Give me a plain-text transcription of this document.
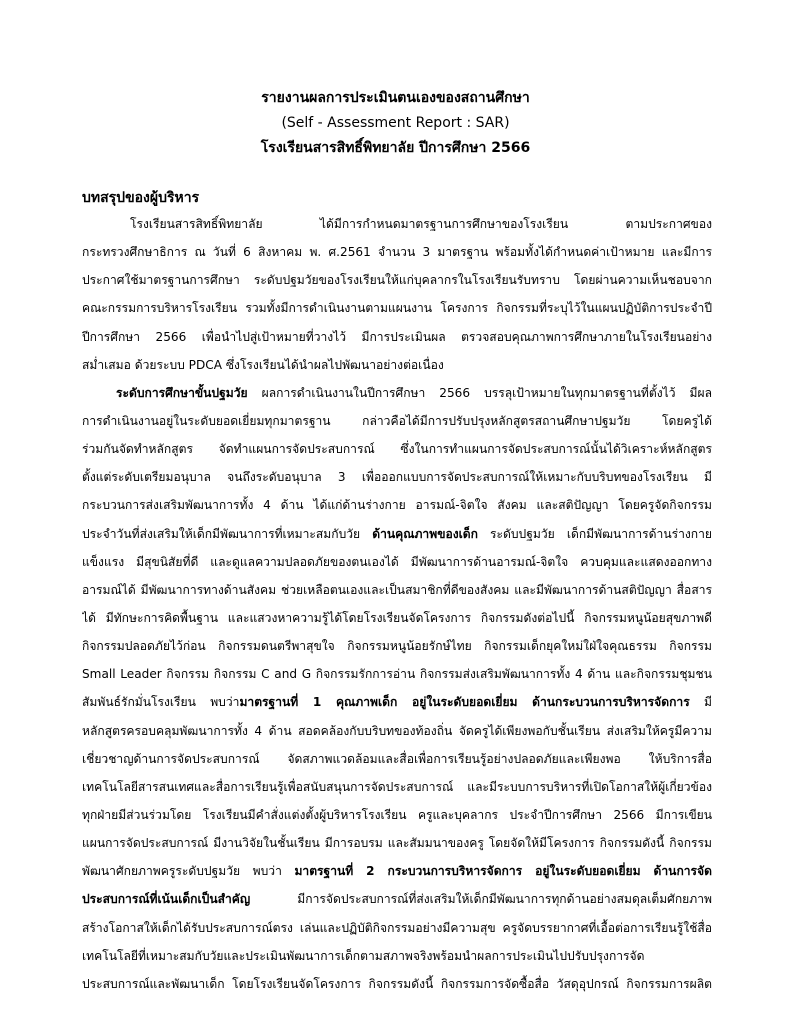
รายงานผลการประเมินตนเองของสถานศึกษา
(Self - Assessment Report : SAR)
โรงเรียนสารสิทธิ์พิทยาลัย ปีการศึกษา 2566
บทสรุปของผู้บริหาร
โรงเรียนสารสิทธิ์พิทยาลัย ได้มีการกำหนดมาตรฐานการศึกษาของโรงเรียน ตามประกาศของ
กระทรวงศึกษาธิการ ณ วันที่ 6 สิงหาคม พ. ศ.2561 จำนวน 3 มาตรฐาน พร้อมทั้งได้กำหนดค่าเป้าหมาย และมีการ
ประกาศใช้มาตรฐานการศึกษา ระดับปฐมวัยของโรงเรียนให้แก่บุคลากรในโรงเรียนรับทราบ โดยผ่านความเห็นชอบจาก
คณะกรรมการบริหารโรงเรียน รวมทั้งมีการดำเนินงานตามแผนงาน โครงการ กิจกรรมที่ระบุไว้ในแผนปฏิบัติการประจำปี
ปีการศึกษา 2566 เพื่อนำไปสู่เป้าหมายที่วางไว้ มีการประเมินผล ตรวจสอบคุณภาพการศึกษาภายในโรงเรียนอย่าง
สม่ำเสมอ ด้วยระบบ PDCA ซึ่งโรงเรียนได้นำผลไปพัฒนาอย่างต่อเนื่อง
ระดับการศึกษาขั้นปฐมวัย ผลการดำเนินงานในปีการศึกษา 2566 บรรลุเป้าหมายในทุกมาตรฐานที่ตั้งไว้ มีผล
การดำเนินงานอยู่ในระดับยอดเยี่ยมทุกมาตรฐาน กล่าวคือได้มีการปรับปรุงหลักสูตรสถานศึกษาปฐมวัย โดยครูได้
ร่วมกันจัดทำหลักสูตร จัดทำแผนการจัดประสบการณ์ ซึ่งในการทำแผนการจัดประสบการณ์นั้นได้วิเคราะห์หลักสูตร
ตั้งแต่ระดับเตรียมอนุบาล จนถึงระดับอนุบาล 3 เพื่อออกแบบการจัดประสบการณ์ให้เหมาะกับบริบทของโรงเรียน มี
กระบวนการส่งเสริมพัฒนาการทั้ง 4 ด้าน ได้แก่ด้านร่างกาย อารมณ์-จิตใจ สังคม และสติปัญญา โดยครูจัดกิจกรรม
ประจำวันที่ส่งเสริมให้เด็กมีพัฒนาการที่เหมาะสมกับวัย ด้านคุณภาพของเด็ก ระดับปฐมวัย เด็กมีพัฒนาการด้านร่างกาย
แข็งแรง มีสุขนิสัยที่ดี และดูแลความปลอดภัยของตนเองได้ มีพัฒนาการด้านอารมณ์-จิตใจ ควบคุมและแสดงออกทาง
อารมณ์ได้ มีพัฒนาการทางด้านสังคม ช่วยเหลือตนเองและเป็นสมาชิกที่ดีของสังคม และมีพัฒนาการด้านสติปัญญา สื่อสาร
ได้ มีทักษะการคิดพื้นฐาน และแสวงหาความรู้ได้โดยโรงเรียนจัดโครงการ กิจกรรมดังต่อไปนี้ กิจกรรมหนูน้อยสุขภาพดี
กิจกรรมปลอดภัยไว้ก่อน กิจกรรมดนตรีพาสุขใจ กิจกรรมหนูน้อยรักษ์ไทย กิจกรรมเด็กยุคใหม่ใฝ่ใจคุณธรรม กิจกรรม
Small Leader กิจกรรม กิจกรรม C and G กิจกรรมรักการอ่าน กิจกรรมส่งเสริมพัฒนาการทั้ง 4 ด้าน และกิจกรรมชุมชน
สัมพันธ์รักมั่นโรงเรียน พบว่ามาตรฐานที่ 1 คุณภาพเด็ก อยู่ในระดับยอดเยี่ยม ด้านกระบวนการบริหารจัดการ มี
หลักสูตรครอบคลุมพัฒนาการทั้ง 4 ด้าน สอดคล้องกับบริบทของท้องถิ่น จัดครูได้เพียงพอกับชั้นเรียน ส่งเสริมให้ครูมีความ
เชี่ยวชาญด้านการจัดประสบการณ์ จัดสภาพแวดล้อมและสื่อเพื่อการเรียนรู้อย่างปลอดภัยและเพียงพอ ให้บริการสื่อ
เทคโนโลยีสารสนเทศและสื่อการเรียนรู้เพื่อสนับสนุนการจัดประสบการณ์ และมีระบบการบริหารที่เปิดโอกาสให้ผู้เกี่ยวข้อง
ทุกฝ่ายมีส่วนร่วมโดย โรงเรียนมีคำสั่งแต่งตั้งผู้บริหารโรงเรียน ครูและบุคลากร ประจำปีการศึกษา 2566 มีการเขียน
แผนการจัดประสบการณ์ มีงานวิจัยในชั้นเรียน มีการอบรม และสัมมนาของครู โดยจัดให้มีโครงการ กิจกรรมดังนี้ กิจกรรม
พัฒนาศักยภาพครูระดับปฐมวัย พบว่า มาตรฐานที่ 2 กระบวนการบริหารจัดการ อยู่ในระดับยอดเยี่ยม ด้านการจัด
ประสบการณ์ที่เน้นเด็กเป็นสำคัญ	มีการจัดประสบการณ์ที่ส่งเสริมให้เด็กมีพัฒนาการทุกด้านอย่างสมดุลเต็มศักยภาพ
สร้างโอกาสให้เด็กได้รับประสบการณ์ตรง เล่นและปฏิบัติกิจกรรมอย่างมีความสุข ครูจัดบรรยากาศที่เอื้อต่อการเรียนรู้ใช้สื่อ
เทคโนโลยีที่เหมาะสมกับวัยและประเมินพัฒนาการเด็กตามสภาพจริงพร้อมนำผลการประเมินไปปรับปรุงการจัด
ประสบการณ์และพัฒนาเด็ก โดยโรงเรียนจัดโครงการ กิจกรรมดังนี้ กิจกรรมการจัดซื้อสื่อ วัสดุอุปกรณ์ กิจกรรมการผลิต
